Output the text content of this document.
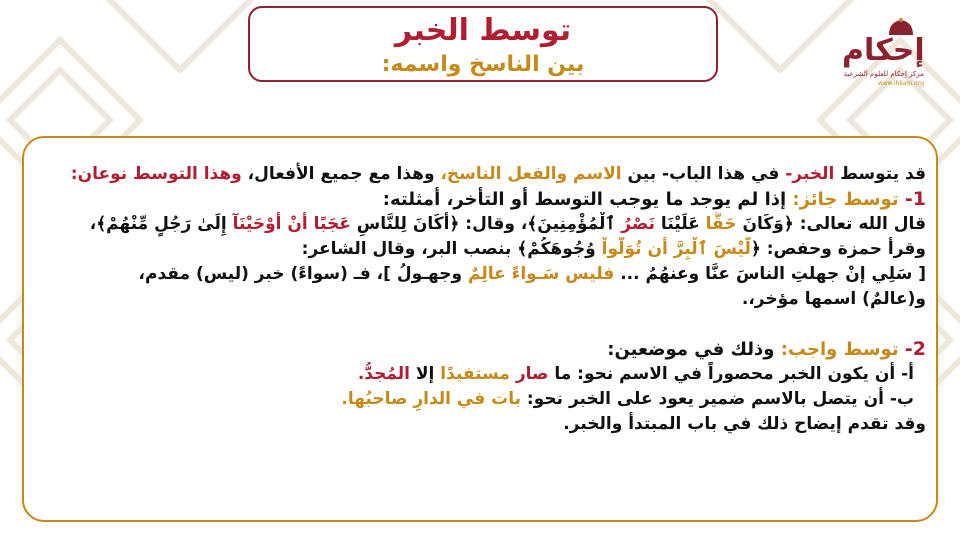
توسط الخبر
بين الناسخ واسمه:	إحكام
مركز إحكام للعلوم الشرعية
www.ihkam.org
قد يتوسط الخبر- في هذا الباب- بين الاسم والفعل الناسخ، وهذا مع جميع الأفعال، وهذا التوسط نوعان:
1- توسط جائز: إذا لم يوجد ما يوجب التوسط أو التأخر، أمثلته:
قال الله تعالى: ﴿وَكَانَ حَقًّا عَلَيْنَا نَصْرُ ٱلْمُؤْمِنِينَ﴾، وقال: ﴿أَكَانَ لِلنَّاسِ عَجَبًا أَنْ أَوْحَيْنَآ إِلَىٰ رَجُلٍ مِّنْهُمْ﴾،
وقرأ حمزة وحفص: ﴿لَّيْسَ ٱلْبِرَّ أَن تُوَلُّواْ وُجُوهَكُمْ﴾ بنصب البر، وقال الشاعر:
[ سَلِي إنْ جهلتِ الناسَ عنَّا وعنهُمُ ... فليس سَـواءً عالِمٌ وجهـولُ ]، فـ (سواءً) خبر (ليس) مقدم،
و(عالمٌ) اسمها مؤخر،.
2- توسط واجب: وذلك في موضعين:
أ- أن يكون الخبر محصوراً في الاسم نحو: ما صار مستفيدًا إلا المُجدُّ.
ب- أن يتصل بالاسم ضمير يعود على الخبر نحو: بات في الدارِ صاحبُها.
وقد تقدم إيضاح ذلك في باب المبتدأ والخبر.
